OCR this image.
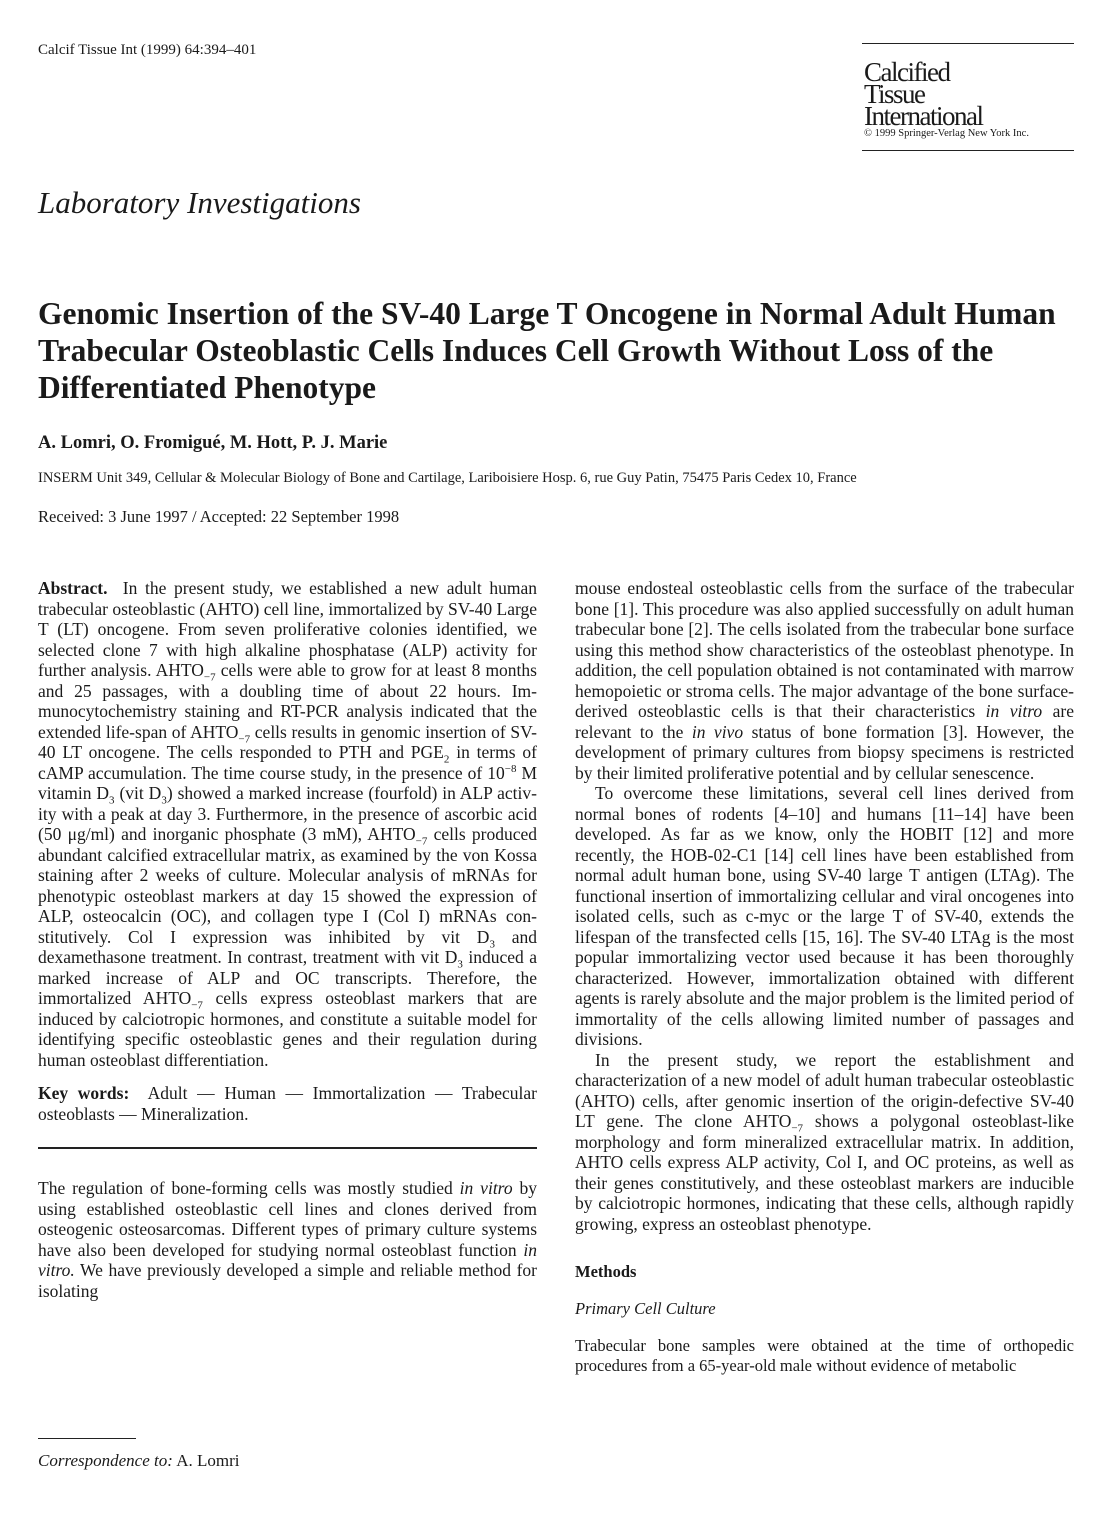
Calcif Tissue Int (1999) 64:394–401
Calcified
Tissue
International
© 1999 Springer-Verlag New York Inc.
Laboratory Investigations
Genomic Insertion of the SV-40 Large T Oncogene in Normal Adult Human Trabecular Osteoblastic Cells Induces Cell Growth Without Loss of the Differentiated Phenotype
A. Lomri, O. Fromigué, M. Hott, P. J. Marie
INSERM Unit 349, Cellular & Molecular Biology of Bone and Cartilage, Lariboisiere Hosp. 6, rue Guy Patin, 75475 Paris Cedex 10, France
Received: 3 June 1997 / Accepted: 22 September 1998

Abstract. In the present study, we established a new adult human trabecular osteoblastic (AHTO) cell line, immortalized by SV-40 Large T (LT) oncogene. From seven proliferative colonies identified, we selected clone 7 with high alkaline phosphatase (ALP) activity for further analysis. $AHTO_{-7}$ cells were able to grow for at least 8 months and 25 passages, with a doubling time of about 22 hours. Immunocytochemistry staining and RT-PCR analysis indicated that the extended life-span of $AHTO_{-7}$ cells results in genomic insertion of SV-40 LT oncogene. The cells responded to PTH and $PGE_2$ in terms of cAMP accumulation. The time course study, in the presence of $10^{-8}$ M vitamin $D_3$ (vit $D_3$) showed a marked increase (fourfold) in ALP activity with a peak at day 3. Furthermore, in the presence of ascorbic acid (50 μg/ml) and inorganic phosphate (3 mM), $AHTO_{-7}$ cells produced abundant calcified extracellular matrix, as examined by the von Kossa staining after 2 weeks of culture. Molecular analysis of mRNAs for phenotypic osteoblast markers at day 15 showed the expression of ALP, osteocalcin (OC), and collagen type I (Col I) mRNAs constitutively. Col I expression was inhibited by vit $D_3$ and dexamethasone treatment. In contrast, treatment with vit $D_3$ induced a marked increase of ALP and OC transcripts. Therefore, the immortalized $AHTO_{-7}$ cells express osteoblast markers that are induced by calciotropic hormones, and constitute a suitable model for identifying specific osteoblastic genes and their regulation during human osteoblast differentiation.

Key words: Adult — Human — Immortalization — Trabecular osteoblasts — Mineralization.

The regulation of bone-forming cells was mostly studied in vitro by using established osteoblastic cell lines and clones derived from osteogenic osteosarcomas. Different types of primary culture systems have also been developed for studying normal osteoblast function in vitro. We have previously developed a simple and reliable method for isolating

mouse endosteal osteoblastic cells from the surface of the trabecular bone [1]. This procedure was also applied successfully on adult human trabecular bone [2]. The cells isolated from the trabecular bone surface using this method show characteristics of the osteoblast phenotype. In addition, the cell population obtained is not contaminated with marrow hemopoietic or stroma cells. The major advantage of the bone surface-derived osteoblastic cells is that their characteristics in vitro are relevant to the in vivo status of bone formation [3]. However, the development of primary cultures from biopsy specimens is restricted by their limited proliferative potential and by cellular senescence.

To overcome these limitations, several cell lines derived from normal bones of rodents [4–10] and humans [11–14] have been developed. As far as we know, only the HOBIT [12] and more recently, the HOB-02-C1 [14] cell lines have been established from normal adult human bone, using SV-40 large T antigen (LTAg). The functional insertion of immortalizing cellular and viral oncogenes into isolated cells, such as c-myc or the large T of SV-40, extends the lifespan of the transfected cells [15, 16]. The SV-40 LTAg is the most popular immortalizing vector used because it has been thoroughly characterized. However, immortalization obtained with different agents is rarely absolute and the major problem is the limited period of immortality of the cells allowing limited number of passages and divisions.

In the present study, we report the establishment and characterization of a new model of adult human trabecular osteoblastic (AHTO) cells, after genomic insertion of the origin-defective SV-40 LT gene. The clone $AHTO_{-7}$ shows a polygonal osteoblast-like morphology and form mineralized extracellular matrix. In addition, AHTO cells express ALP activity, Col I, and OC proteins, as well as their genes constitutively, and these osteoblast markers are inducible by calciotropic hormones, indicating that these cells, although rapidly growing, express an osteoblast phenotype.

Methods

Primary Cell Culture

Trabecular bone samples were obtained at the time of orthopedic procedures from a 65-year-old male without evidence of metabolic

Correspondence to: A. Lomri
